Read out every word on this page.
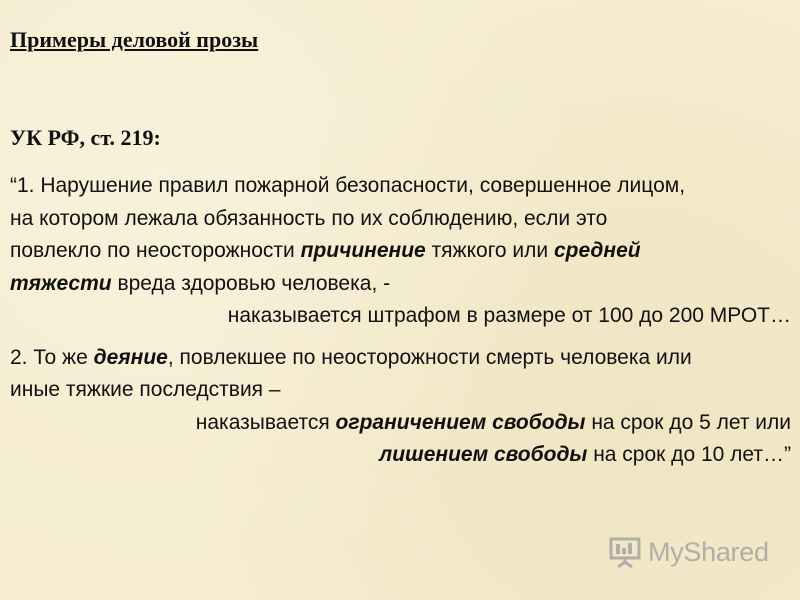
Примеры деловой прозы
УК РФ, ст. 219:

“1. Нарушение правил пожарной безопасности, совершенное лицом,

на котором лежала обязанность по их соблюдению, если это

повлекло по неосторожности причинение тяжкого или средней

тяжести вреда здоровью человека, -

наказывается штрафом в размере от 100 до 200 МРОТ…

2. То же деяние, повлекшее по неосторожности смерть человека или

иные тяжкие последствия –

наказывается ограничением свободы на срок до 5 лет или

лишением свободы на срок до 10 лет…”

MyShared
